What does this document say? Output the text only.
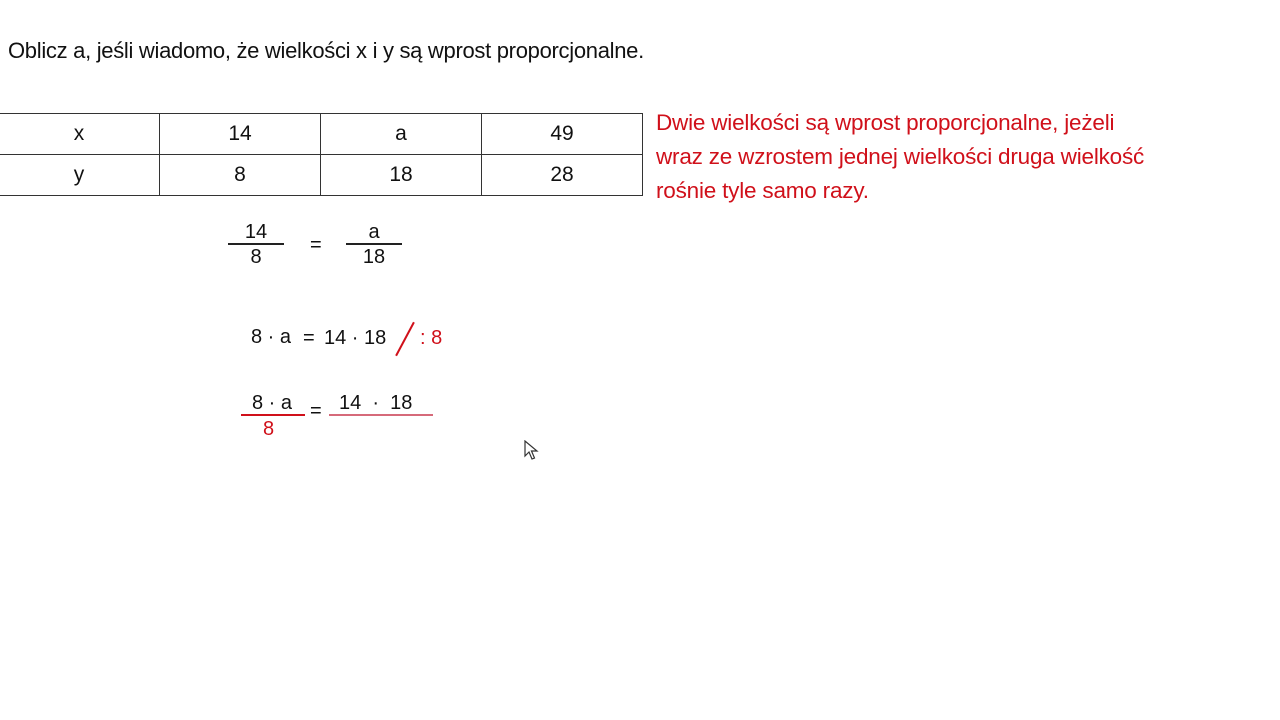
Oblicz a, jeśli wiadomo, że wielkości x i y są wprost proporcjonalne.
x	14	a	49
y	8	18	28
Dwie wielkości są wprost proporcjonalne, jeżeli
wraz ze wzrostem jednej wielkości druga wielkość
rośnie tyle samo razy.
14
8
=
a
18
8 · a = 14 · 18 : 8
8 · a
8
= 14  ·  18
